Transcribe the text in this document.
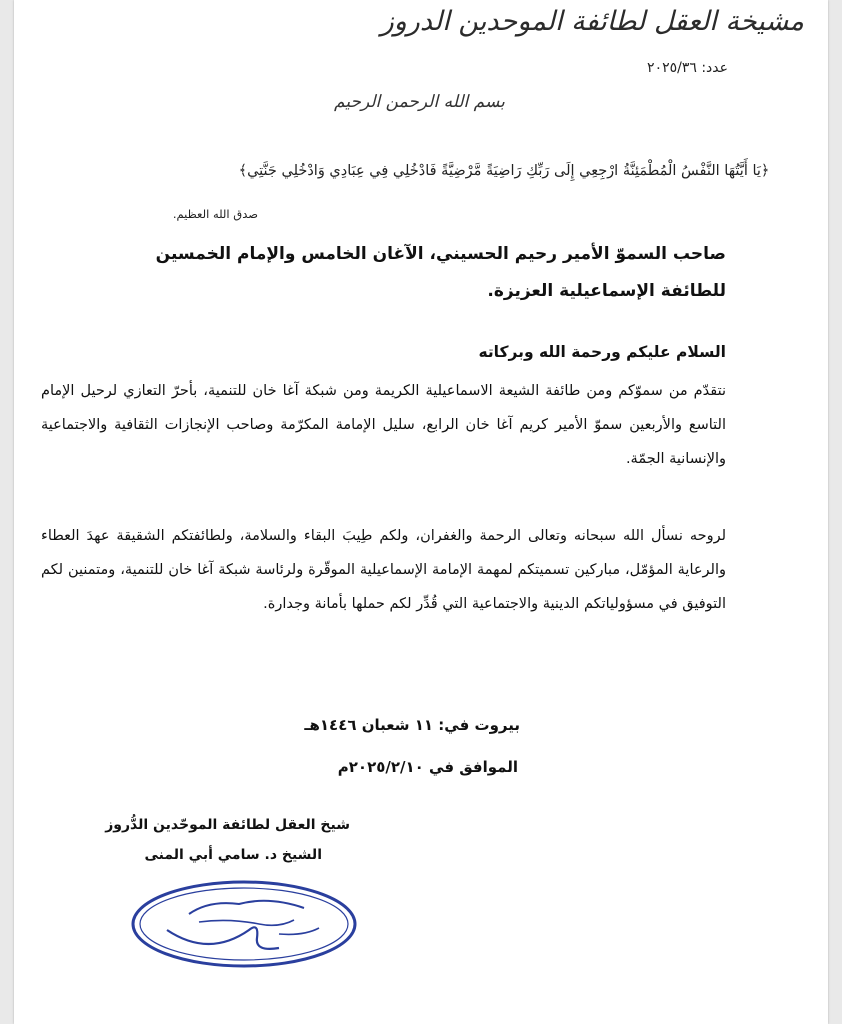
مشيخة العقل لطائفة الموحدين الدروز
عدد: ٢٠٢٥/٣٦
بسم الله الرحمن الرحيم
﴿يَا أَيَّتُهَا النَّفْسُ الْمُطْمَئِنَّةُ ارْجِعِي إِلَى رَبِّكِ رَاضِيَةً مَّرْضِيَّةً فَادْخُلِي فِي عِبَادِي وَادْخُلِي جَنَّتِي﴾
صدق الله العظيم.
صاحب السموّ الأمير رحيم الحسيني، الآغان الخامس والإمام الخمسين للطائفة الإسماعيلية العزيزة.
السلام عليكم ورحمة الله وبركاته
نتقدّم من سموّكم ومن طائفة الشيعة الاسماعيلية الكريمة ومن شبكة آغا خان للتنمية، بأحرّ التعازي لرحيل الإمام التاسع والأربعين سموّ الأمير كريم آغا خان الرابع، سليل الإمامة المكرّمة وصاحب الإنجازات الثقافية والاجتماعية والإنسانية الجمّة.
لروحه نسأل الله سبحانه وتعالى الرحمة والغفران، ولكم طِيبَ البقاء والسلامة، ولطائفتكم الشقيقة عهدَ العطاء والرعاية المؤمّل، مباركين تسميتكم لمهمة الإمامة الإسماعيلية الموقّرة ولرئاسة شبكة آغا خان للتنمية، ومتمنين لكم التوفيق في مسؤولياتكم الدينية والاجتماعية التي قُدِّر لكم حملها بأمانة وجدارة.
بيروت في: ١١ شعبان ١٤٤٦هـ
الموافق في ٢٠٢٥/٢/١٠م
شيخ العقل لطائفة الموحّدين الدُّروز
الشيخ د. سامي أبي المنى
